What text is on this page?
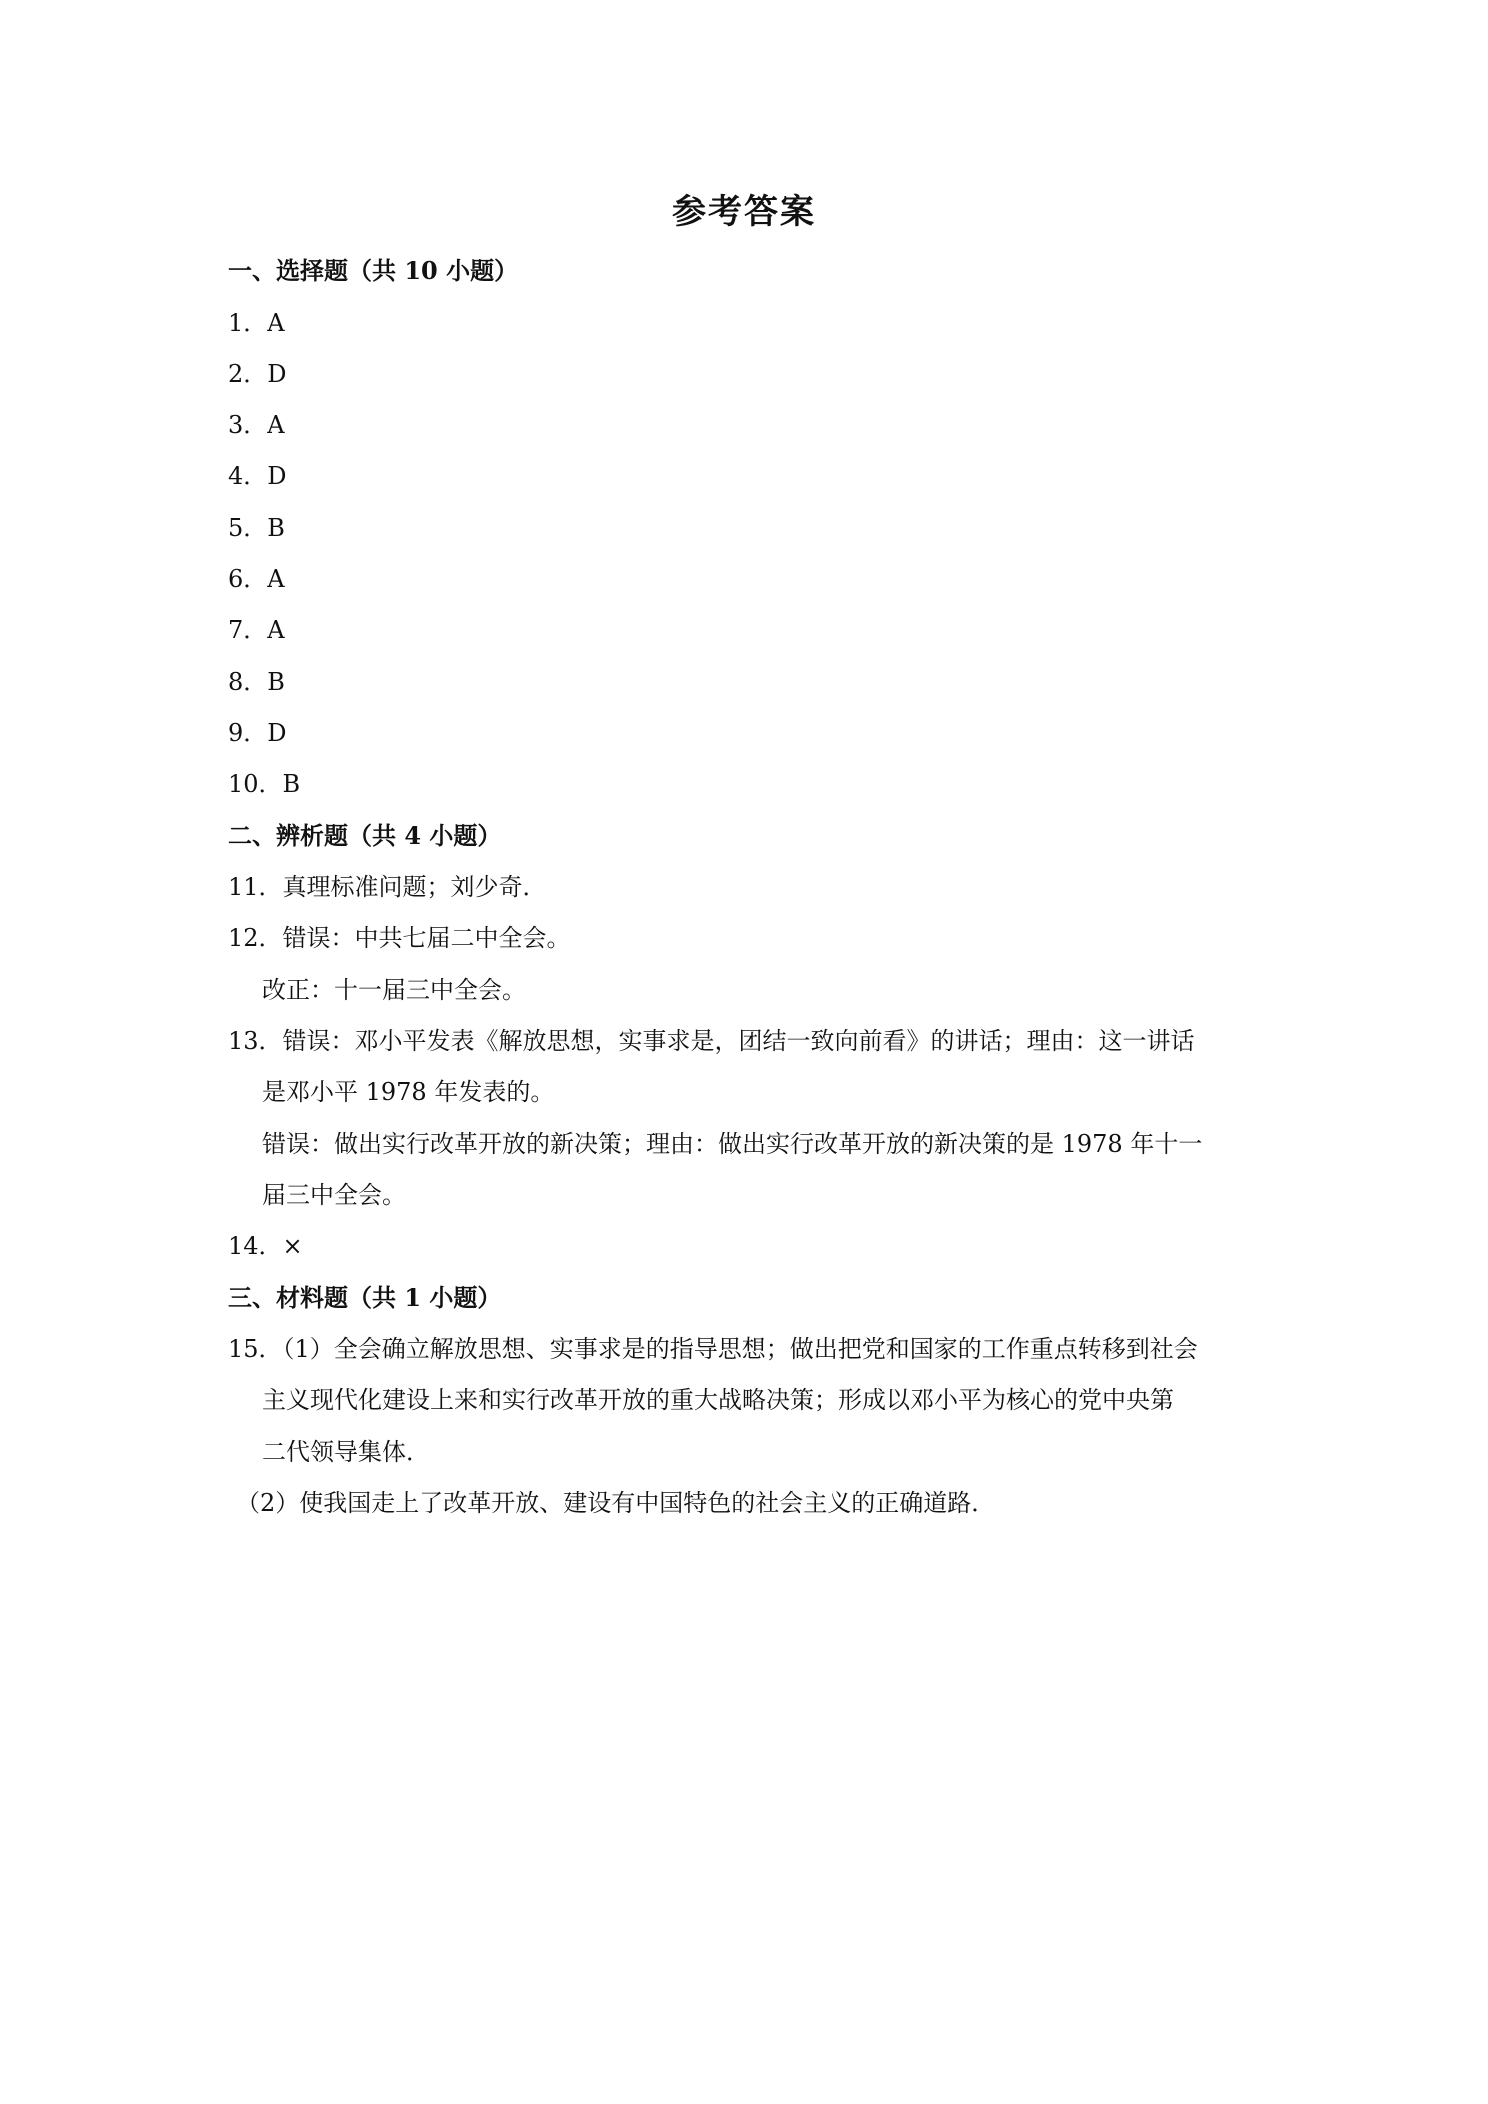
参考答案
一、选择题（共 10 小题）
1．A
2．D
3．A
4．D
5．B
6．A
7．A
8．B
9．D
10．B
二、辨析题（共 4 小题）
11．真理标准问题；刘少奇．
12．错误：中共七届二中全会。
改正：十一届三中全会。
13．错误：邓小平发表《解放思想，实事求是，团结一致向前看》的讲话；理由：这一讲话
是邓小平 1978 年发表的。
错误：做出实行改革开放的新决策；理由：做出实行改革开放的新决策的是 1978 年十一
届三中全会。
14．×
三、材料题（共 1 小题）
15．（1）全会确立解放思想、实事求是的指导思想；做出把党和国家的工作重点转移到社会
主义现代化建设上来和实行改革开放的重大战略决策；形成以邓小平为核心的党中央第
二代领导集体．
（2）使我国走上了改革开放、建设有中国特色的社会主义的正确道路．
